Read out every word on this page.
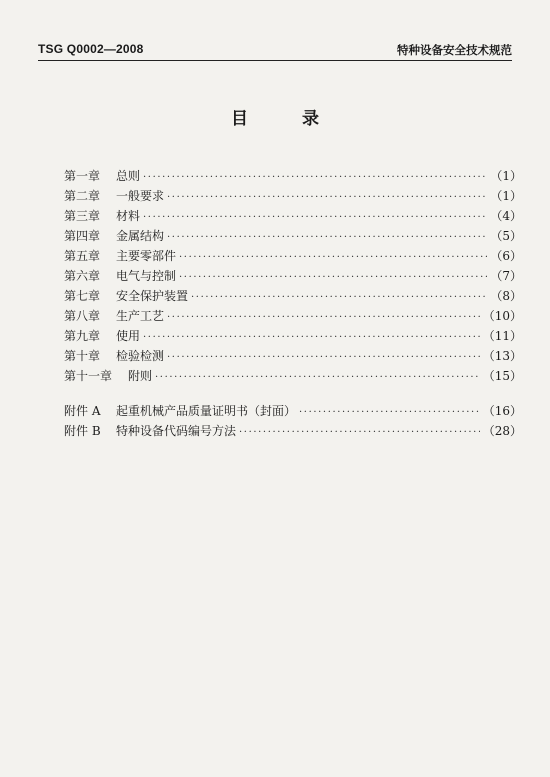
TSG Q0002—2008	特种设备安全技术规范
目 录
第一章	总则 ·····	（1）
第二章	一般要求 ·····	（1）
第三章	材料 ·····	（4）
第四章	金属结构 ·····	（5）
第五章	主要零部件 ·····	（6）
第六章	电气与控制 ·····	（7）
第七章	安全保护装置 ·····	（8）
第八章	生产工艺 ·····	（10）
第九章	使用 ·····	（11）
第十章	检验检测 ·····	（13）
第十一章	附则 ·····	（15）
附件 A	起重机械产品质量证明书（封面） ·····	（16）
附件 B	特种设备代码编号方法 ·····	（28）
